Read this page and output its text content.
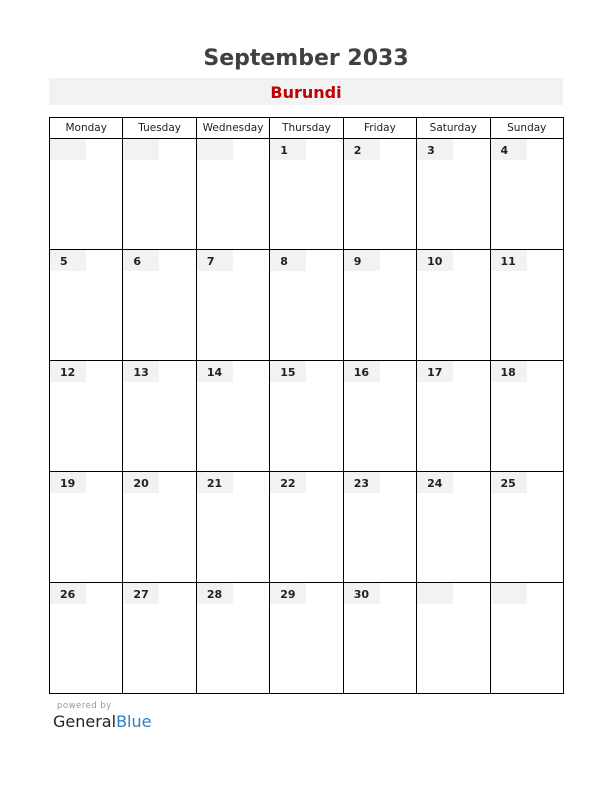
September 2033
Burundi
Monday	Tuesday	Wednesday	Thursday	Friday	Saturday	Sunday

			1	2	3	4

5	6	7	8	9	10	11

12	13	14	15	16	17	18

19	20	21	22	23	24	25

26	27	28	29	30		

powered by
GeneralBlue
